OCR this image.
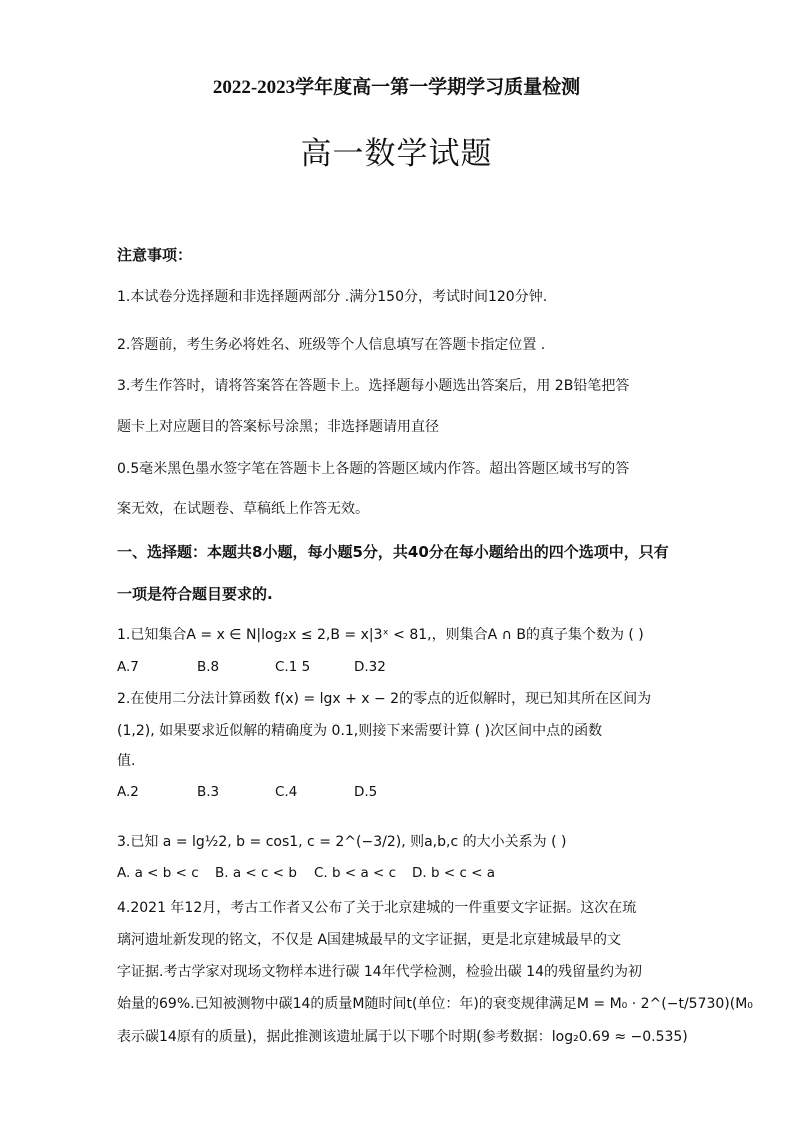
2022-2023学年度高一第一学期学习质量检测
高一数学试题
注意事项：
1.本试卷分选择题和非选择题两部分 .满分150分，考试时间120分钟.
2.答题前，考生务必将姓名、班级等个人信息填写在答题卡指定位置 .
3.考生作答时，请将答案答在答题卡上。选择题每小题选出答案后，用 2B铅笔把答
题卡上对应题目的答案标号涂黑；非选择题请用直径
0.5毫米黑色墨水签字笔在答题卡上各题的答题区域内作答。超出答题区域书写的答
案无效，在试题卷、草稿纸上作答无效。
一、选择题：本题共8小题，每小题5分，共40分在每小题给出的四个选项中，只有
一项是符合题目要求的.
1.已知集合A = x ∈ N|log₂x ≤ 2,B = x|3ˣ < 81,，则集合A ∩ B的真子集个数为 ( )
A.7	B.8	C.1 5	D.32
2.在使用二分法计算函数 f(x) = lgx + x − 2的零点的近似解时，现已知其所在区间为
(1,2), 如果要求近似解的精确度为 0.1,则接下来需要计算 ( )次区间中点的函数
值.
A.2	B.3	C.4	D.5
3.已知 a = lg½2, b = cos1, c = 2^(−3/2), 则a,b,c 的大小关系为 ( )
A. a < b < c B. a < c < b C. b < a < c D. b < c < a
4.2021 年12月，考古工作者又公布了关于北京建城的一件重要文字证据。这次在琉
璃河遗址新发现的铭文，不仅是 A国建城最早的文字证据，更是北京建城最早的文
字证据.考古学家对现场文物样本进行碳 14年代学检测，检验出碳 14的残留量约为初
始量的69%.已知被测物中碳14的质量M随时间t(单位：年)的衰变规律满足M = M₀ · 2^(−t/5730)(M₀
表示碳14原有的质量)，据此推测该遗址属于以下哪个时期(参考数据：log₂0.69 ≈ −0.535)
